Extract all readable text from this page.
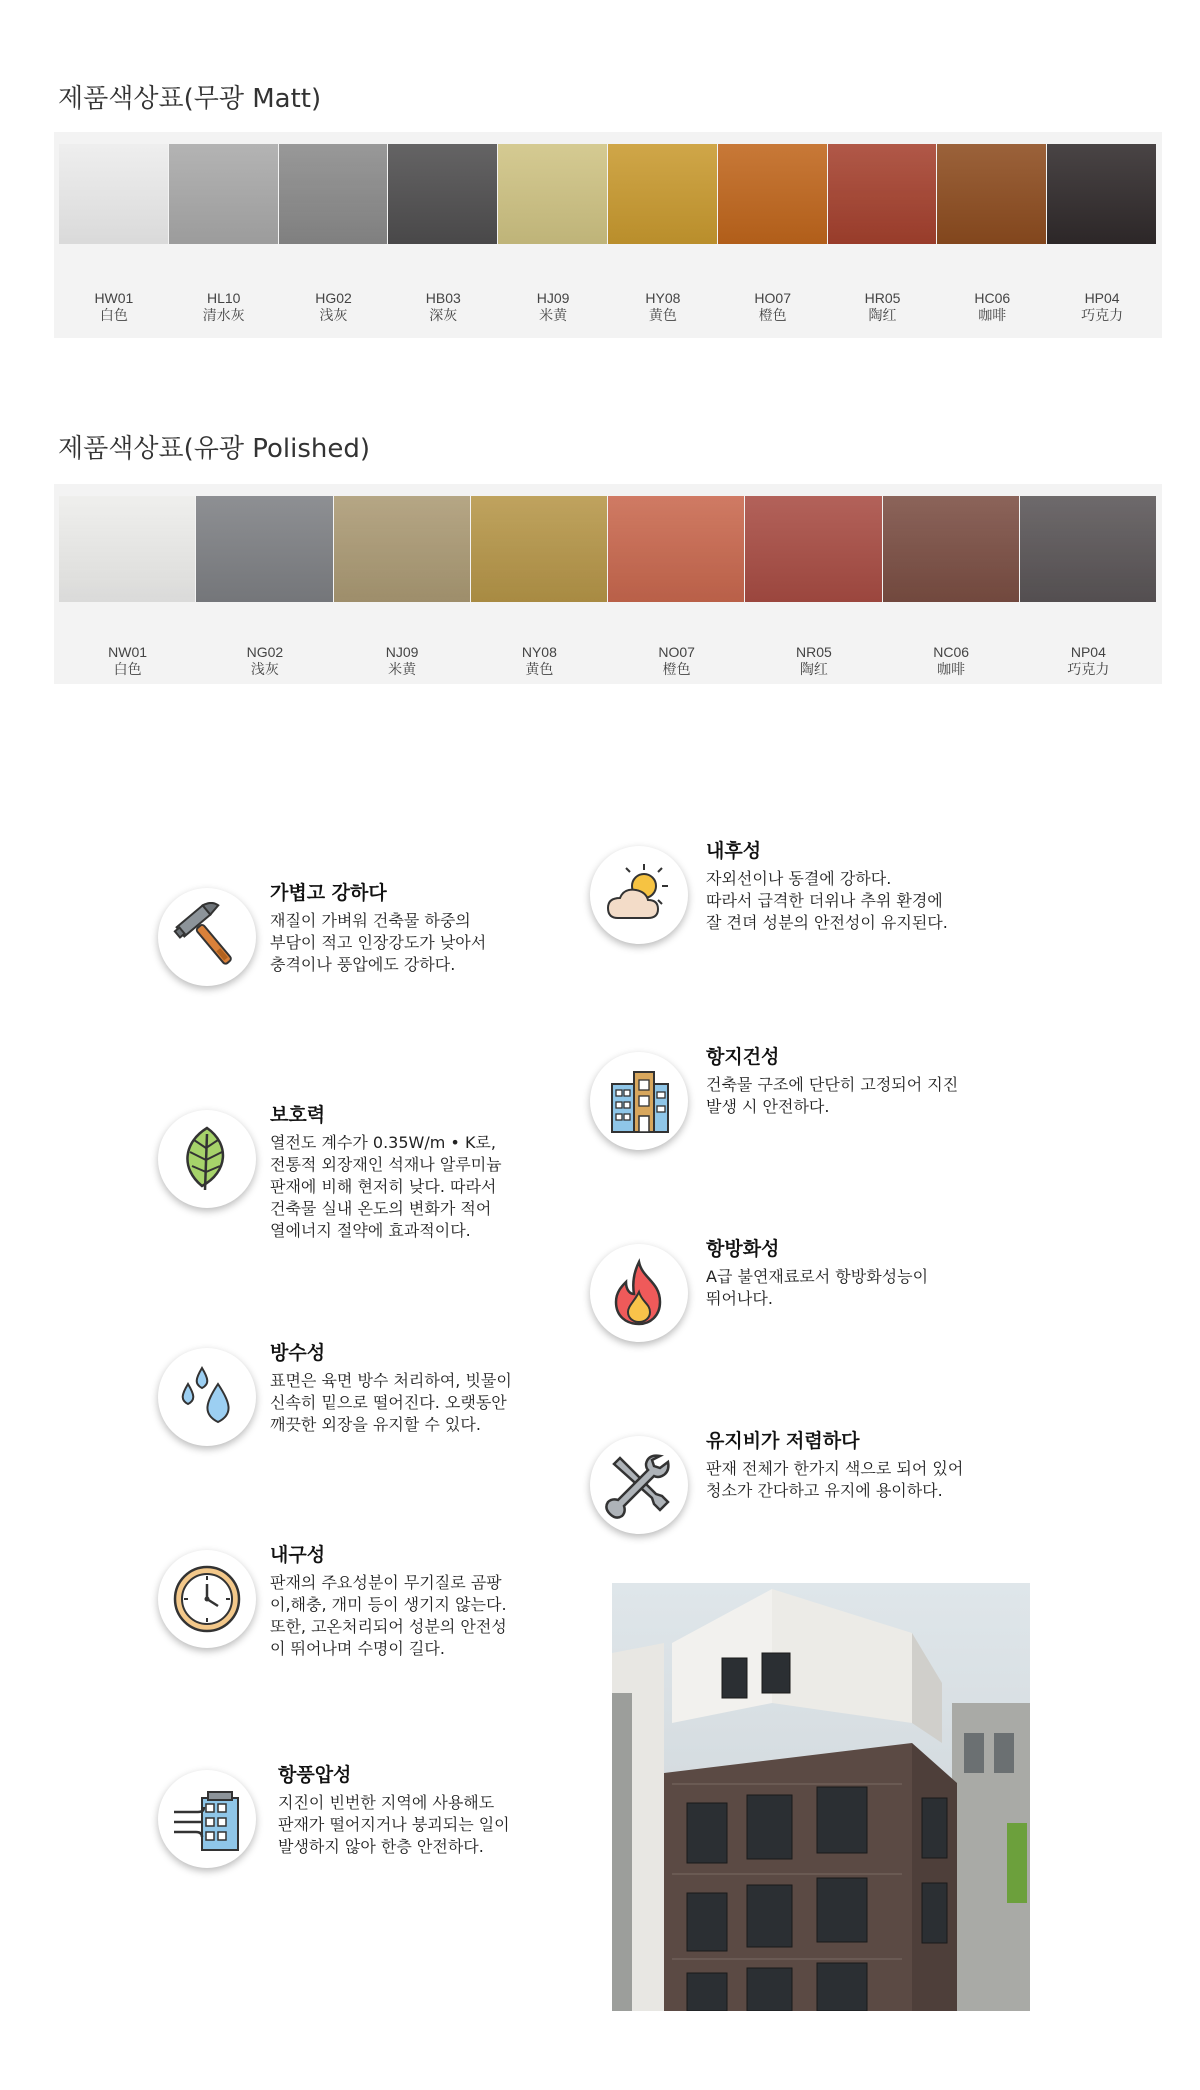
제품색상표(무광 Matt)
HW01
白色
HL10
清水灰
HG02
浅灰
HB03
深灰
HJ09
米黄
HY08
黄色
HO07
橙色
HR05
陶红
HC06
咖啡
HP04
巧克力
제품색상표(유광 Polished)
NW01
白色
NG02
浅灰
NJ09
米黄
NY08
黄色
NO07
橙色
NR05
陶红
NC06
咖啡
NP04
巧克力
가볍고 강하다
재질이 가벼워 건축물 하중의
부담이 적고 인장강도가 낮아서
충격이나 풍압에도 강하다.
보호력
열전도 계수가 0.35W/m • K로,
전통적 외장재인 석재나 알루미늄
판재에 비해 현저히 낮다. 따라서
건축물 실내 온도의 변화가 적어
열에너지 절약에 효과적이다.
방수성
표면은 육면 방수 처리하여, 빗물이
신속히 밑으로 떨어진다. 오랫동안
깨끗한 외장을 유지할 수 있다.
내구성
판재의 주요성분이 무기질로 곰팡
이,해충, 개미 등이 생기지 않는다.
또한, 고온처리되어 성분의 안전성
이 뛰어나며 수명이 길다.
항풍압성
지진이 빈번한 지역에 사용해도
판재가 떨어지거나 붕괴되는 일이
발생하지 않아 한층 안전하다.
내후성
자외선이나 동결에 강하다.
따라서 급격한 더위나 추위 환경에
잘 견뎌 성분의 안전성이 유지된다.
항지건성
건축물 구조에 단단히 고정되어 지진
발생 시 안전하다.
항방화성
A급 불연재료로서 항방화성능이
뛰어나다.
유지비가 저렴하다
판재 전체가 한가지 색으로 되어 있어
청소가 간다하고 유지에 용이하다.
